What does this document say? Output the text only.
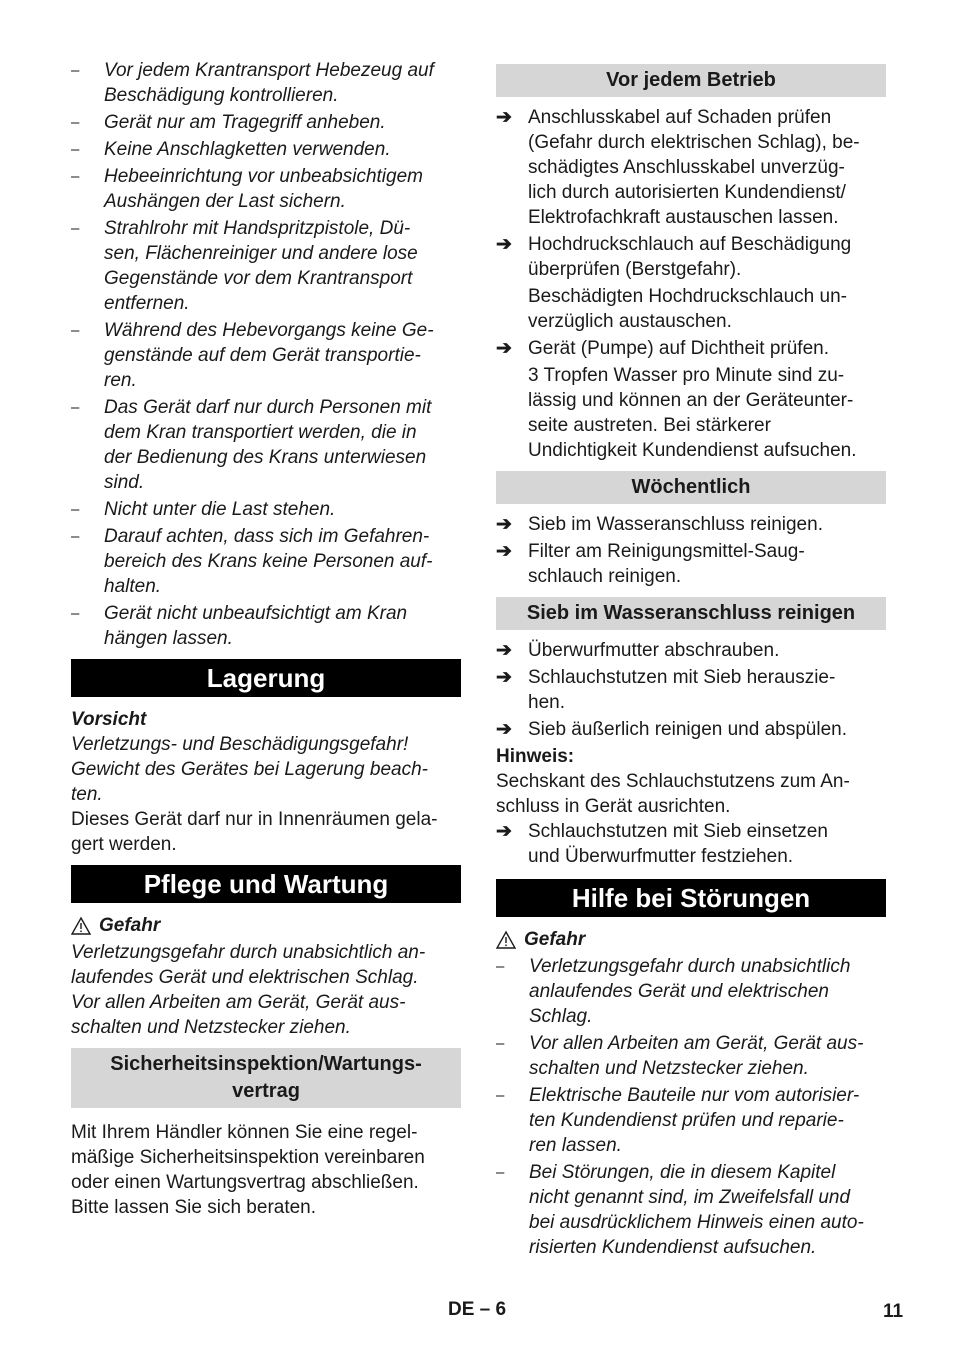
–	Vor jedem Krantransport Hebezeug auf
Beschädigung kontrollieren.
–	Gerät nur am Tragegriff anheben.
–	Keine Anschlagketten verwenden.
–	Hebeeinrichtung vor unbeabsichtigem
Aushängen der Last sichern.
–	Strahlrohr mit Handspritzpistole, Dü-
sen, Flächenreiniger und andere lose
Gegenstände vor dem Krantransport
entfernen.
–	Während des Hebevorgangs keine Ge-
genstände auf dem Gerät transportie-
ren.
–	Das Gerät darf nur durch Personen mit
dem Kran transportiert werden, die in
der Bedienung des Krans unterwiesen
sind.
–	Nicht unter die Last stehen.
–	Darauf achten, dass sich im Gefahren-
bereich des Krans keine Personen auf-
halten.
–	Gerät nicht unbeaufsichtigt am Kran
hängen lassen.
Lagerung
Vorsicht
Verletzungs- und Beschädigungsgefahr!
Gewicht des Gerätes bei Lagerung beach-
ten.
Dieses Gerät darf nur in Innenräumen gela-
gert werden.
Pflege und Wartung
Gefahr
Verletzungsgefahr durch unabsichtlich an-
laufendes Gerät und elektrischen Schlag.
Vor allen Arbeiten am Gerät, Gerät aus-
schalten und Netzstecker ziehen.
Sicherheitsinspektion/Wartungs-
vertrag
Mit Ihrem Händler können Sie eine regel-
mäßige Sicherheitsinspektion vereinbaren
oder einen Wartungsvertrag abschließen.
Bitte lassen Sie sich beraten.
Vor jedem Betrieb
➔ Anschlusskabel auf Schaden prüfen
(Gefahr durch elektrischen Schlag), be-
schädigtes Anschlusskabel unverzüg-
lich durch autorisierten Kundendienst/
Elektrofachkraft austauschen lassen.
➔ Hochdruckschlauch auf Beschädigung
überprüfen (Berstgefahr).
Beschädigten Hochdruckschlauch un-
verzüglich austauschen.
➔ Gerät (Pumpe) auf Dichtheit prüfen.
3 Tropfen Wasser pro Minute sind zu-
lässig und können an der Geräteunter-
seite austreten. Bei stärkerer
Undichtigkeit Kundendienst aufsuchen.
Wöchentlich
➔ Sieb im Wasseranschluss reinigen.
➔ Filter am Reinigungsmittel-Saug-
schlauch reinigen.
Sieb im Wasseranschluss reinigen
➔ Überwurfmutter abschrauben.
➔ Schlauchstutzen mit Sieb herauszie-
hen.
➔ Sieb äußerlich reinigen und abspülen.
Hinweis:
Sechskant des Schlauchstutzens zum An-
schluss in Gerät ausrichten.
➔ Schlauchstutzen mit Sieb einsetzen
und Überwurfmutter festziehen.
Hilfe bei Störungen
Gefahr
–	Verletzungsgefahr durch unabsichtlich
anlaufendes Gerät und elektrischen
Schlag.
–	Vor allen Arbeiten am Gerät, Gerät aus-
schalten und Netzstecker ziehen.
–	Elektrische Bauteile nur vom autorisier-
ten Kundendienst prüfen und reparie-
ren lassen.
–	Bei Störungen, die in diesem Kapitel
nicht genannt sind, im Zweifelsfall und
bei ausdrücklichem Hinweis einen auto-
risierten Kundendienst aufsuchen.
DE – 6	11
